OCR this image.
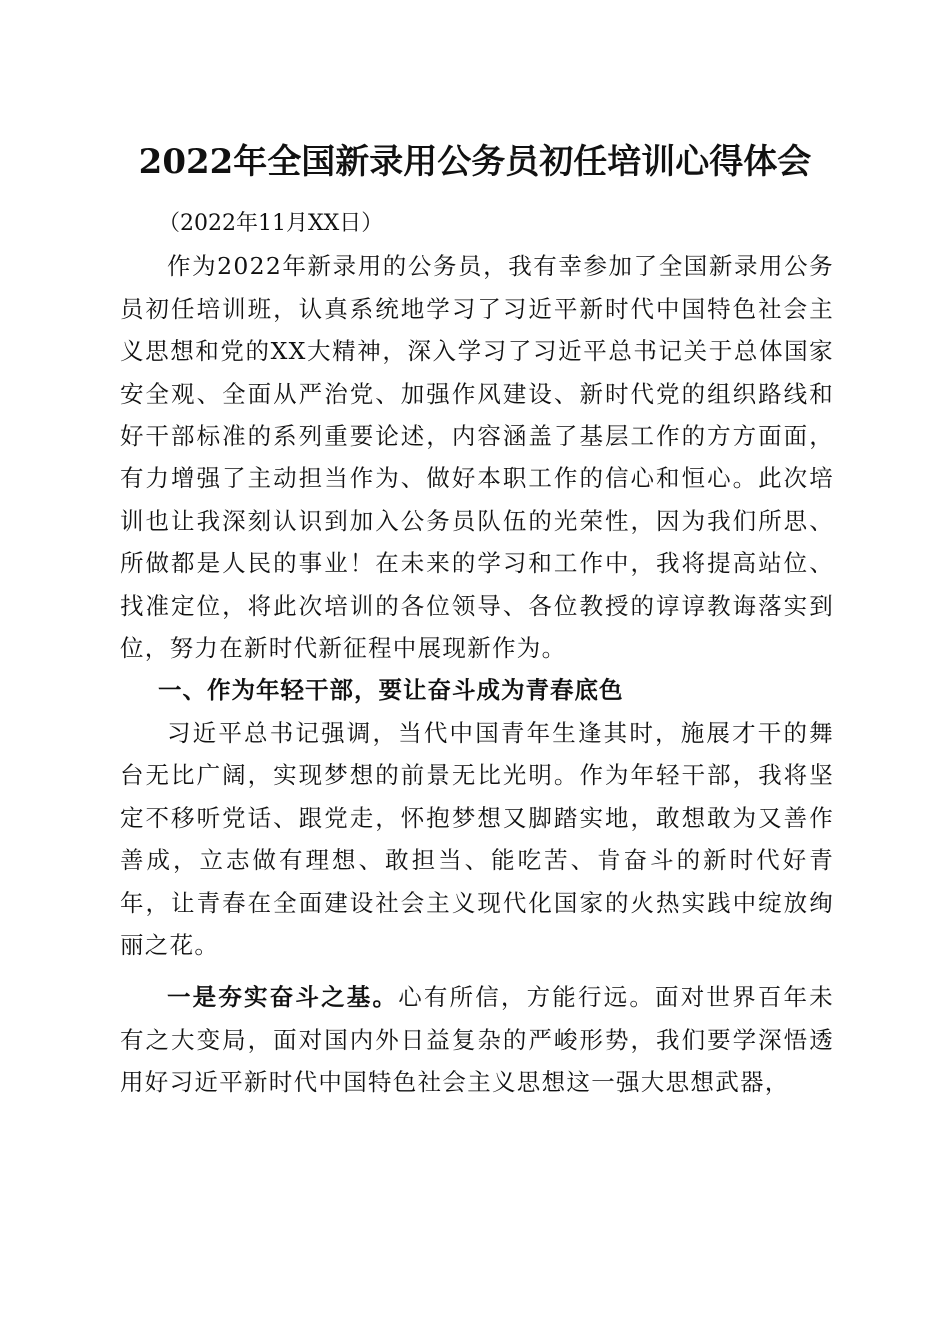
2022年全国新录用公务员初任培训心得体会

（2022年11月XX日）

作为2022年新录用的公务员，我有幸参加了全国新录用公务员初任培训班，认真系统地学习了习近平新时代中国特色社会主义思想和党的XX大精神，深入学习了习近平总书记关于总体国家安全观、全面从严治党、加强作风建设、新时代党的组织路线和好干部标准的系列重要论述，内容涵盖了基层工作的方方面面，有力增强了主动担当作为、做好本职工作的信心和恒心。此次培训也让我深刻认识到加入公务员队伍的光荣性，因为我们所思、所做都是人民的事业！在未来的学习和工作中，我将提高站位、找准定位，将此次培训的各位领导、各位教授的谆谆教诲落实到位，努力在新时代新征程中展现新作为。

一、作为年轻干部，要让奋斗成为青春底色

习近平总书记强调，当代中国青年生逢其时，施展才干的舞台无比广阔，实现梦想的前景无比光明。作为年轻干部，我将坚定不移听党话、跟党走，怀抱梦想又脚踏实地，敢想敢为又善作善成，立志做有理想、敢担当、能吃苦、肯奋斗的新时代好青年，让青春在全面建设社会主义现代化国家的火热实践中绽放绚丽之花。

一是夯实奋斗之基。心有所信，方能行远。面对世界百年未有之大变局，面对国内外日益复杂的严峻形势，我们要学深悟透用好习近平新时代中国特色社会主义思想这一强大思想武器，
